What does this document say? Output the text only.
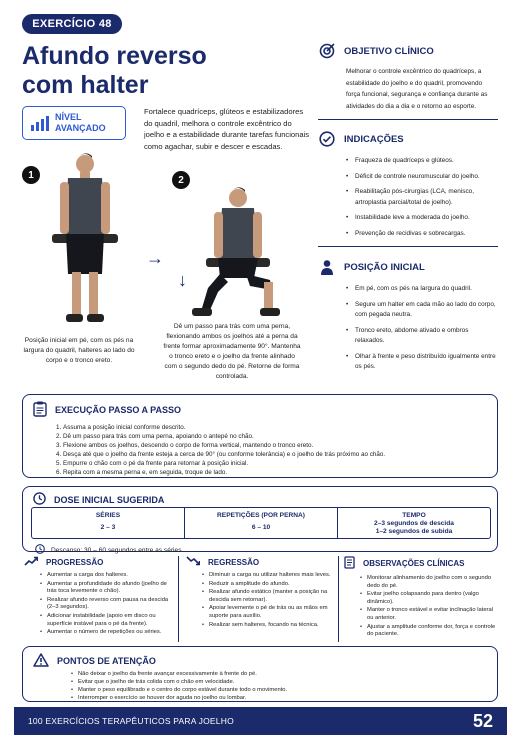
EXERCÍCIO 48
Afundo reverso
com halter
NÍVEL
AVANÇADO
Fortalece quadríceps, glúteos e estabilizadores do quadril, melhora o controle excêntrico do joelho e a estabilidade durante tarefas funcionais como agachar, subir e descer e escadas.
1
Posição inicial em pé, com os pés na largura do quadril, halteres ao lado do corpo e o tronco ereto.
→
↓
2
Dê um passo para trás com uma perna, flexionando ambos os joelhos até a perna da frente formar aproximadamente 90°. Mantenha o tronco ereto e o joelho da frente alinhado com o segundo dedo do pé. Retorne de forma controlada.
OBJETIVO CLÍNICO
Melhorar o controle excêntrico do quadríceps, a estabilidade do joelho e do quadril, promovendo força funcional, segurança e confiança durante as atividades do dia a dia e o retorno ao esporte.
INDICAÇÕES
• Fraqueza de quadríceps e glúteos.
• Déficit de controle neuromuscular do joelho.
• Reabilitação pós-cirurgias (LCA, menisco, artroplastia parcial/total de joelho).
• Instabilidade leve a moderada do joelho.
• Prevenção de recidivas e sobrecargas.
POSIÇÃO INICIAL
• Em pé, com os pés na largura do quadril.
• Segure um halter em cada mão ao lado do corpo, com pegada neutra.
• Tronco ereto, abdome ativado e ombros relaxados.
• Olhar à frente e peso distribuído igualmente entre os pés.
EXECUÇÃO PASSO A PASSO
1. Assuma a posição inicial conforme descrito.
2. Dê um passo para trás com uma perna, apoiando o antepé no chão.
3. Flexione ambos os joelhos, descendo o corpo de forma vertical, mantendo o tronco ereto.
4. Desça até que o joelho da frente esteja a cerca de 90° (ou conforme tolerância) e o joelho de trás próximo ao chão.
5. Empurre o chão com o pé da frente para retornar à posição inicial.
6. Repita com a mesma perna e, em seguida, troque de lado.
DOSE INICIAL SUGERIDA
SÉRIES
2 – 3
REPETIÇÕES (POR PERNA)
6 – 10
TEMPO
2–3 segundos de descida
1–2 segundos de subida
Descanso: 30 – 60 segundos entre as séries.
PROGRESSÃO
• Aumentar a carga dos halteres.
• Aumentar a profundidade do afundo (joelho de trás toca levemente o chão).
• Realizar afundo reverso com pausa na descida (2–3 segundos).
• Adicionar instabilidade (apoio em disco ou superfície instável para o pé da frente).
• Aumentar o número de repetições ou séries.
REGRESSÃO
• Diminuir a carga ou utilizar halteres mais leves.
• Reduzir a amplitude do afundo.
• Realizar afundo estático (manter a posição na descida sem retornar).
• Apoiar levemente o pé de trás ou as mãos em suporte para auxílio.
• Realizar sem halteres, focando na técnica.
OBSERVAÇÕES CLÍNICAS
• Monitorar alinhamento do joelho com o segundo dedo do pé.
• Evitar joelho colapsando para dentro (valgo dinâmico).
• Manter o tronco estável e evitar inclinação lateral ou anterior.
• Ajustar a amplitude conforme dor, força e controle do paciente.
PONTOS DE ATENÇÃO
• Não deixar o joelho da frente avançar excessivamente à frente do pé.
• Evitar que o joelho de trás colida com o chão em velocidade.
• Manter o peso equilibrado e o centro do corpo estável durante todo o movimento.
• Interromper o exercício se houver dor aguda no joelho ou lombar.
100 EXERCÍCIOS TERAPÊUTICOS PARA JOELHO	52
